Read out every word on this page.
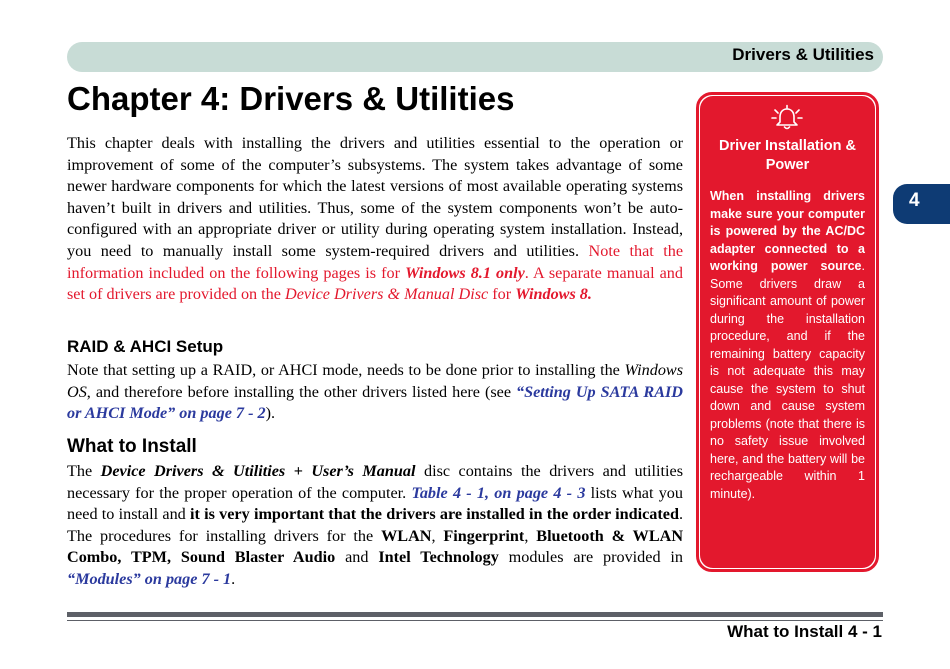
Drivers & Utilities
Chapter 4: Drivers & Utilities

This chapter deals with installing the drivers and utilities essential to the operation or improvement of some of the computer’s subsystems. The system takes advantage of some newer hardware components for which the latest versions of most available operating systems haven’t built in drivers and utilities. Thus, some of the system components won’t be auto-configured with an appropriate driver or utility during operating system installation. Instead, you need to manually install some system-required drivers and utilities. Note that the information included on the following pages is for Windows 8.1 only. A separate manual and set of drivers are provided on the Device Drivers & Manual Disc for Windows 8.

RAID & AHCI Setup

Note that setting up a RAID, or AHCI mode, needs to be done prior to installing the Windows OS, and therefore before installing the other drivers listed here (see “Setting Up SATA RAID or AHCI Mode” on page 7 - 2).

What to Install

The Device Drivers & Utilities + User’s Manual disc contains the drivers and utilities necessary for the proper operation of the computer. Table 4 - 1, on page 4 - 3 lists what you need to install and it is very important that the drivers are installed in the order indicated. The procedures for installing drivers for the WLAN, Fingerprint, Bluetooth & WLAN Combo, TPM, Sound Blaster Audio and Intel Technology modules are provided in “Modules” on page 7 - 1.

4

Driver Installation & Power

When installing drivers make sure your computer is powered by the AC/DC adapter connected to a working power source. Some drivers draw a significant amount of power during the installation procedure, and if the remaining battery capacity is not adequate this may cause the system to shut down and cause system problems (note that there is no safety issue involved here, and the battery will be rechargeable within 1 minute).

What to Install 4 - 1
